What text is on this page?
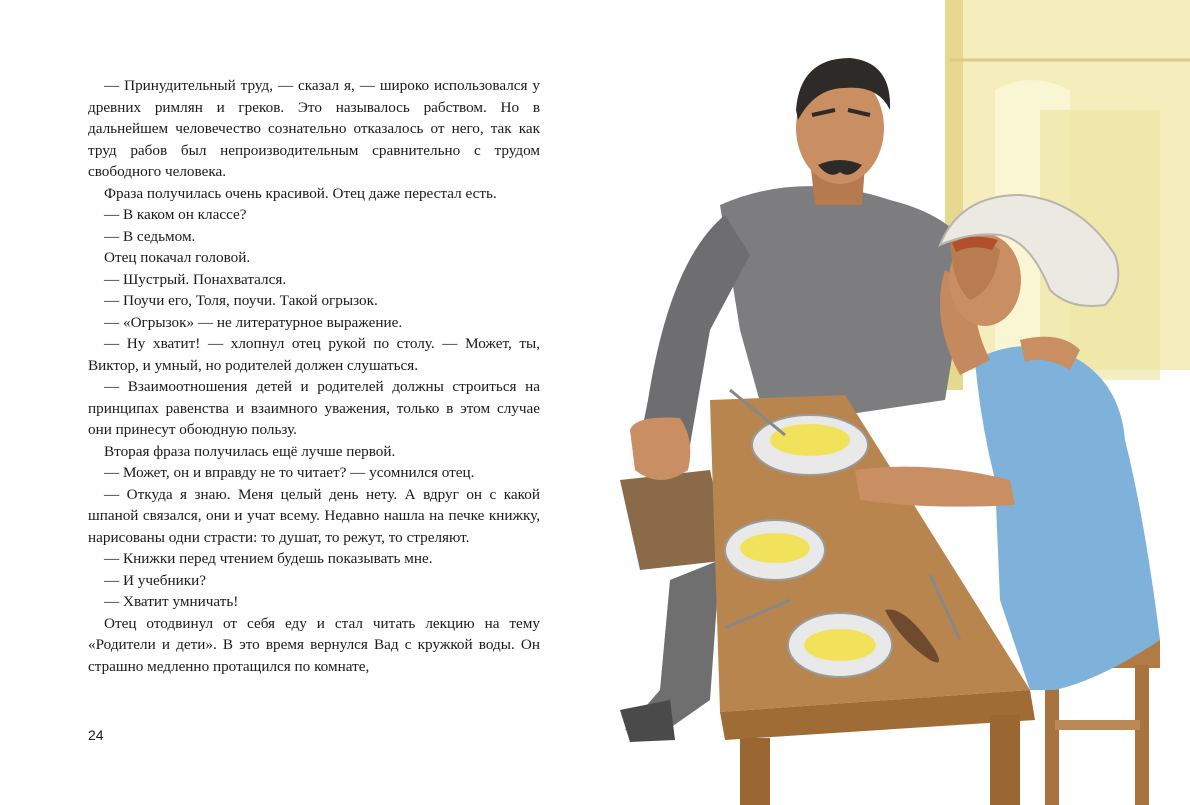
— Принудительный труд, — сказал я, — широко использовался у древних римлян и греков. Это называлось рабством. Но в дальнейшем человечество сознательно отказалось от него, так как труд рабов был непроизводительным сравнительно с трудом свободного человека.

Фраза получилась очень красивой. Отец даже перестал есть.

— В каком он классе?

— В седьмом.

Отец покачал головой.

— Шустрый. Понахватался.

— Поучи его, Толя, поучи. Такой огрызок.

— «Огрызок» — не литературное выражение.

— Ну хватит! — хлопнул отец рукой по столу. — Может, ты, Виктор, и умный, но родителей должен слушаться.

— Взаимоотношения детей и родителей должны строиться на принципах равенства и взаимного уважения, только в этом случае они принесут обоюдную пользу.

Вторая фраза получилась ещё лучше первой.

— Может, он и вправду не то читает? — усомнился отец.

— Откуда я знаю. Меня целый день нету. А вдруг он с какой шпаной связался, они и учат всему. Недавно нашла на печке книжку, нарисованы одни страсти: то душат, то режут, то стреляют.

— Книжки перед чтением будешь показывать мне.

— И учебники?

— Хватит умничать!

Отец отодвинул от себя еду и стал читать лекцию на тему «Родители и дети». В это время вернулся Вад с кружкой воды. Он страшно медленно протащился по комнате,

24
